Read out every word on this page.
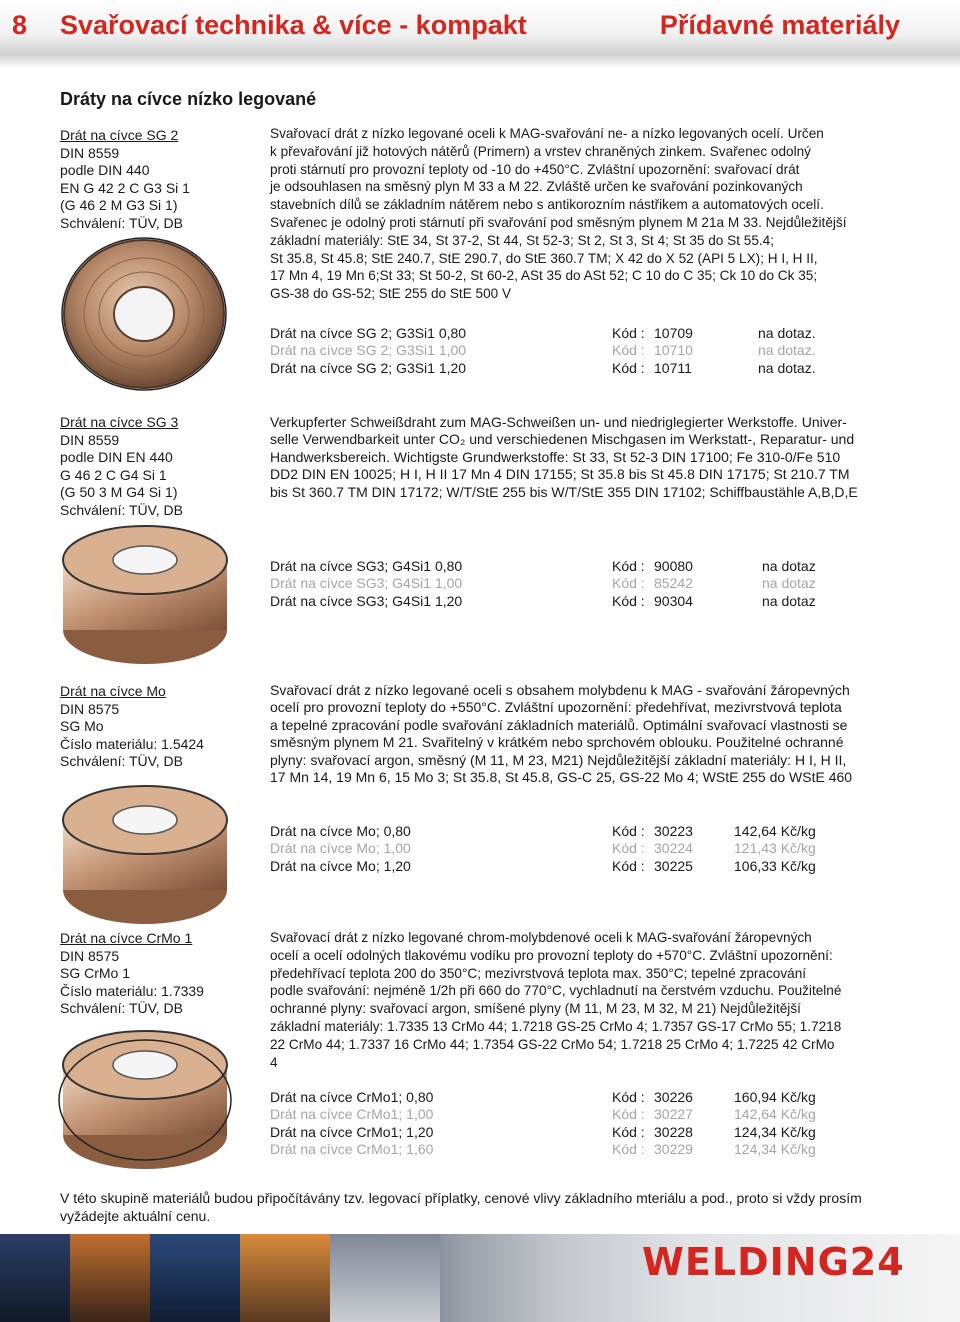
8 Svařovací technika & více - kompakt	Přídavné materiály
Dráty na cívce nízko legované
Drát na cívce SG 2
DIN 8559
podle DIN 440
EN G 42 2 C G3 Si 1
(G 46 2 M G3 Si 1)
Schválení: TÜV, DB
Svařovací drát z nízko legované oceli k MAG-svařování ne- a nízko legovaných ocelí. Určen
k převařování již hotových nátěrů (Primern) a vrstev chraněných zinkem. Svařenec odolný
proti stárnutí pro provozní teploty od -10 do +450°C. Zvláštní upozornění: svařovací drát
je odsouhlasen na směsný plyn M 33 a M 22. Zvláště určen ke svařování pozinkovaných
stavebních dílů se základním nátěrem nebo s antikorozním nástřikem a automatových ocelí.
Svařenec je odolný proti stárnutí při svařování pod směsným plynem M 21a M 33. Nejdůležitější
základní materiály: StE 34, St 37-2, St 44, St 52-3; St 2, St 3, St 4; St 35 do St 55.4;
St 35.8, St 45.8; StE 240.7, StE 290.7, do StE 360.7 TM; X 42 do X 52 (API 5 LX); H I, H II,
17 Mn 4, 19 Mn 6;St 33; St 50-2, St 60-2, ASt 35 do ASt 52; C 10 do C 35; Ck 10 do Ck 35;
GS-38 do GS-52; StE 255 do StE 500 V
Drát na cívce SG 2; G3Si1 0,80	Kód : 10709	na dotaz.
Drát na cívce SG 2; G3Si1 1,00	Kód : 10710	na dotaz.
Drát na cívce SG 2; G3Si1 1,20	Kód : 10711	na dotaz.
Drát na cívce SG 3
DIN 8559
podle DIN EN 440
G 46 2 C G4 Si 1
(G 50 3 M G4 Si 1)
Schválení: TÜV, DB
Verkupferter Schweißdraht zum MAG-Schweißen un- und niedriglegierter Werkstoffe. Univer-
selle Verwendbarkeit unter CO₂ und verschiedenen Mischgasen im Werkstatt-, Reparatur- und
Handwerksbereich. Wichtigste Grundwerkstoffe: St 33, St 52-3 DIN 17100; Fe 310-0/Fe 510
DD2 DIN EN 10025; H I, H II 17 Mn 4 DIN 17155; St 35.8 bis St 45.8 DIN 17175; St 210.7 TM
bis St 360.7 TM DIN 17172; W/T/StE 255 bis W/T/StE 355 DIN 17102; Schiffbaustähle A,B,D,E
Drát na cívce SG3; G4Si1 0,80	Kód : 90080	na dotaz
Drát na cívce SG3; G4Si1 1,00	Kód : 85242	na dotaz
Drát na cívce SG3; G4Si1 1,20	Kód : 90304	na dotaz
Drát na cívce Mo
DIN 8575
SG Mo
Číslo materiálu: 1.5424
Schválení: TÜV, DB
Svařovací drát z nízko legované oceli s obsahem molybdenu k MAG - svařování žáropevných
ocelí pro provozní teploty do +550°C. Zvláštní upozornění: předehřívat, mezivrstvová teplota
a tepelné zpracování podle svařování základních materiálů. Optimální svařovací vlastnosti se
směsným plynem M 21. Svařitelný v krátkém nebo sprchovém oblouku. Použitelné ochranné
plyny: svařovací argon, směsný (M 11, M 23, M21) Nejdůležitější základní materiály: H I, H II,
17 Mn 14, 19 Mn 6, 15 Mo 3; St 35.8, St 45.8, GS-C 25, GS-22 Mo 4; WStE 255 do WStE 460
Drát na cívce Mo; 0,80	Kód : 30223	142,64 Kč/kg
Drát na cívce Mo; 1,00	Kód : 30224	121,43 Kč/kg
Drát na cívce Mo; 1,20	Kód : 30225	106,33 Kč/kg
Drát na cívce CrMo 1
DIN 8575
SG CrMo 1
Číslo materiálu: 1.7339
Schválení: TÜV, DB
Svařovací drát z nízko legované chrom-molybdenové oceli k MAG-svařování žáropevných
ocelí a ocelí odolných tlakovému vodíku pro provozní teploty do +570°C. Zvláštní upozornění:
předehřívací teplota 200 do 350°C; mezivrstvová teplota max. 350°C; tepelné zpracování
podle svařování: nejméně 1/2h při 660 do 770°C, vychladnutí na čerstvém vzduchu. Použitelné
ochranné plyny: svařovací argon, smíšené plyny (M 11, M 23, M 32, M 21) Nejdůležitější
základní materiály: 1.7335 13 CrMo 44; 1.7218 GS-25 CrMo 4; 1.7357 GS-17 CrMo 55; 1.7218
22 CrMo 44; 1.7337 16 CrMo 44; 1.7354 GS-22 CrMo 54; 1.7218 25 CrMo 4; 1.7225 42 CrMo
4
Drát na cívce CrMo1; 0,80	Kód : 30226	160,94 Kč/kg
Drát na cívce CrMo1; 1,00	Kód : 30227	142,64 Kč/kg
Drát na cívce CrMo1; 1,20	Kód : 30228	124,34 Kč/kg
Drát na cívce CrMo1; 1,60	Kód : 30229	124,34 Kč/kg
V této skupině materiálů budou připočítávány tzv. legovací příplatky, cenové vlivy základního mteriálu a pod., proto si vždy prosím vyžádejte aktuální cenu.
WELDING24
